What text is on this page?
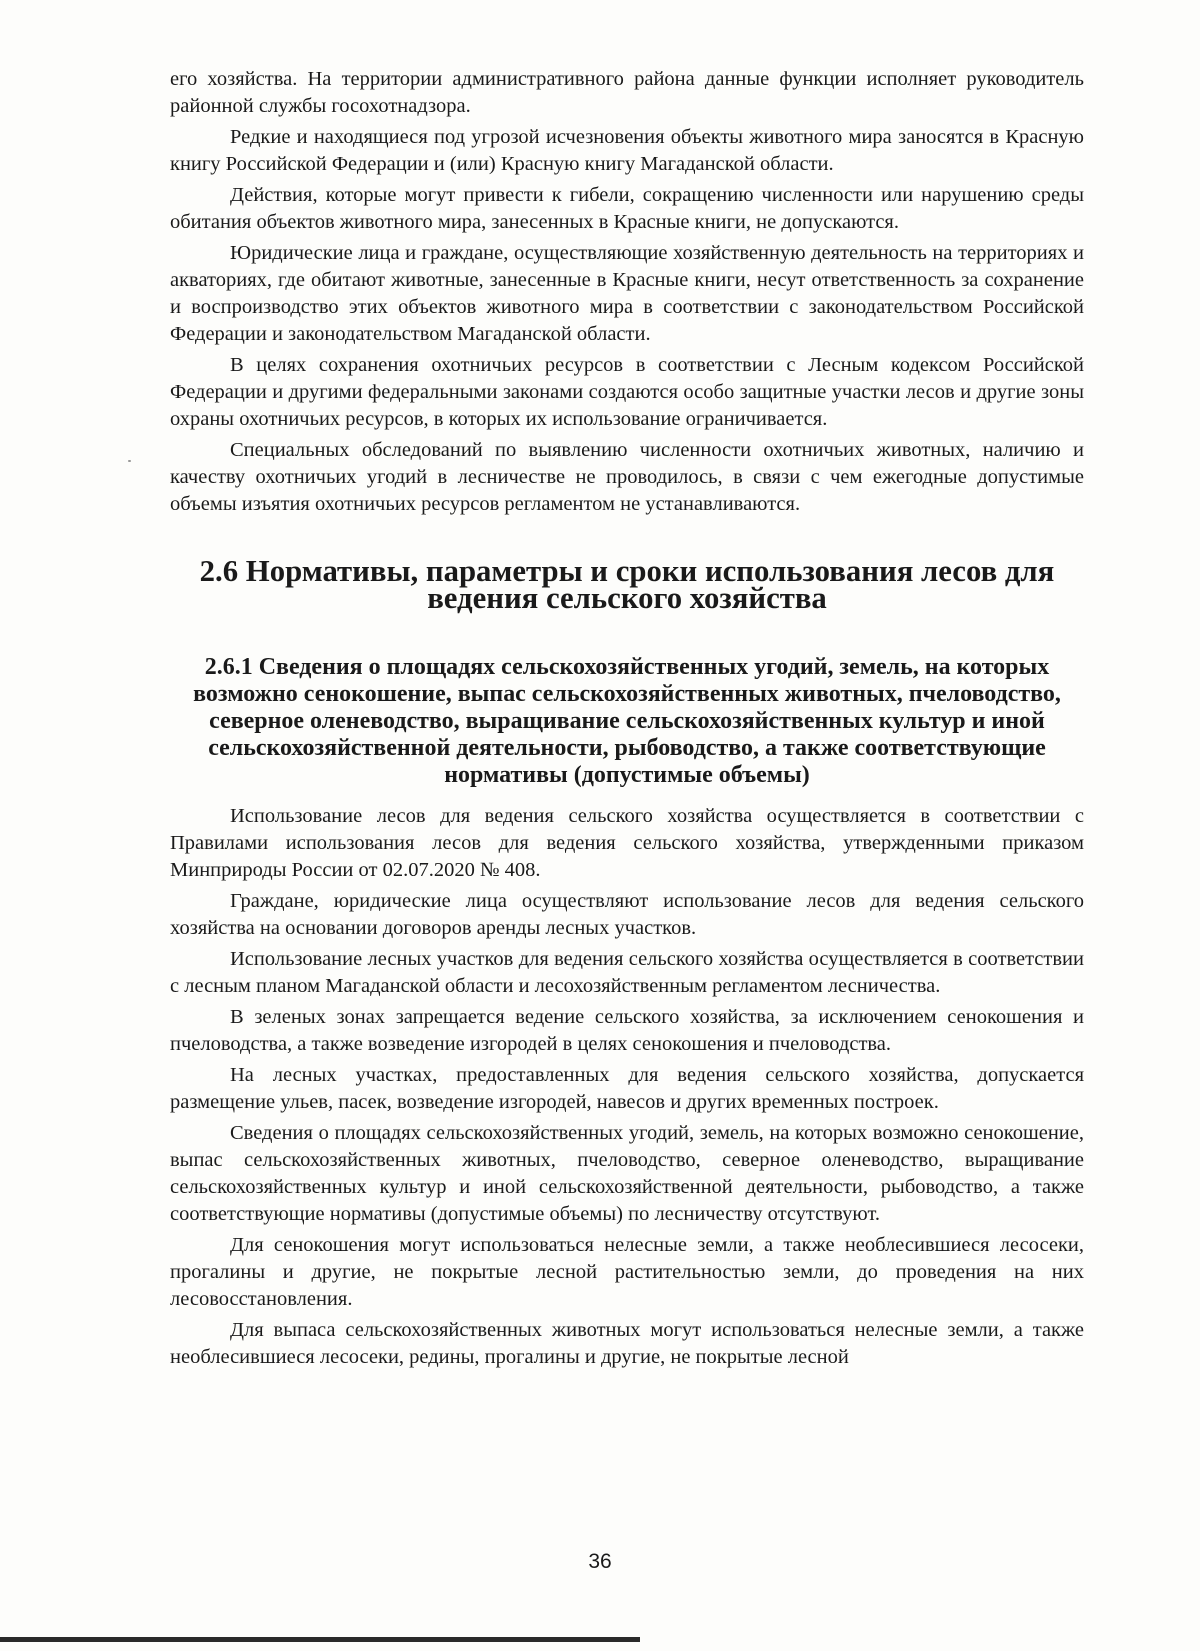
его хозяйства. На территории административного района данные функции исполняет руководитель районной службы госохотнадзора.

Редкие и находящиеся под угрозой исчезновения объекты животного мира заносятся в Красную книгу Российской Федерации и (или) Красную книгу Магаданской области.

Действия, которые могут привести к гибели, сокращению численности или нарушению среды обитания объектов животного мира, занесенных в Красные книги, не допускаются.

Юридические лица и граждане, осуществляющие хозяйственную деятельность на территориях и акваториях, где обитают животные, занесенные в Красные книги, несут ответственность за сохранение и воспроизводство этих объектов животного мира в соответствии с законодательством Российской Федерации и законодательством Магаданской области.

В целях сохранения охотничьих ресурсов в соответствии с Лесным кодексом Российской Федерации и другими федеральными законами создаются особо защитные участки лесов и другие зоны охраны охотничьих ресурсов, в которых их использование ограничивается.

Специальных обследований по выявлению численности охотничьих животных, наличию и качеству охотничьих угодий в лесничестве не проводилось, в связи с чем ежегодные допустимые объемы изъятия охотничьих ресурсов регламентом не устанавливаются.

2.6 Нормативы, параметры и сроки использования лесов для ведения сельского хозяйства
2.6.1 Сведения о площадях сельскохозяйственных угодий, земель, на которых возможно сенокошение, выпас сельскохозяйственных животных, пчеловодство, северное оленеводство, выращивание сельскохозяйственных культур и иной сельскохозяйственной деятельности, рыбоводство, а также соответствующие нормативы (допустимые объемы)

Использование лесов для ведения сельского хозяйства осуществляется в соответствии с Правилами использования лесов для ведения сельского хозяйства, утвержденными приказом Минприроды России от 02.07.2020 № 408.

Граждане, юридические лица осуществляют использование лесов для ведения сельского хозяйства на основании договоров аренды лесных участков.

Использование лесных участков для ведения сельского хозяйства осуществляется в соответствии с лесным планом Магаданской области и лесохозяйственным регламентом лесничества.

В зеленых зонах запрещается ведение сельского хозяйства, за исключением сенокошения и пчеловодства, а также возведение изгородей в целях сенокошения и пчеловодства.

На лесных участках, предоставленных для ведения сельского хозяйства, допускается размещение ульев, пасек, возведение изгородей, навесов и других временных построек.

Сведения о площадях сельскохозяйственных угодий, земель, на которых возможно сенокошение, выпас сельскохозяйственных животных, пчеловодство, северное оленеводство, выращивание сельскохозяйственных культур и иной сельскохозяйственной деятельности, рыбоводство, а также соответствующие нормативы (допустимые объемы) по лесничеству отсутствуют.

Для сенокошения могут использоваться нелесные земли, а также необлесившиеся лесосеки, прогалины и другие, не покрытые лесной растительностью земли, до проведения на них лесовосстановления.

Для выпаса сельскохозяйственных животных могут использоваться нелесные земли, а также необлесившиеся лесосеки, редины, прогалины и другие, не покрытые лесной

36
